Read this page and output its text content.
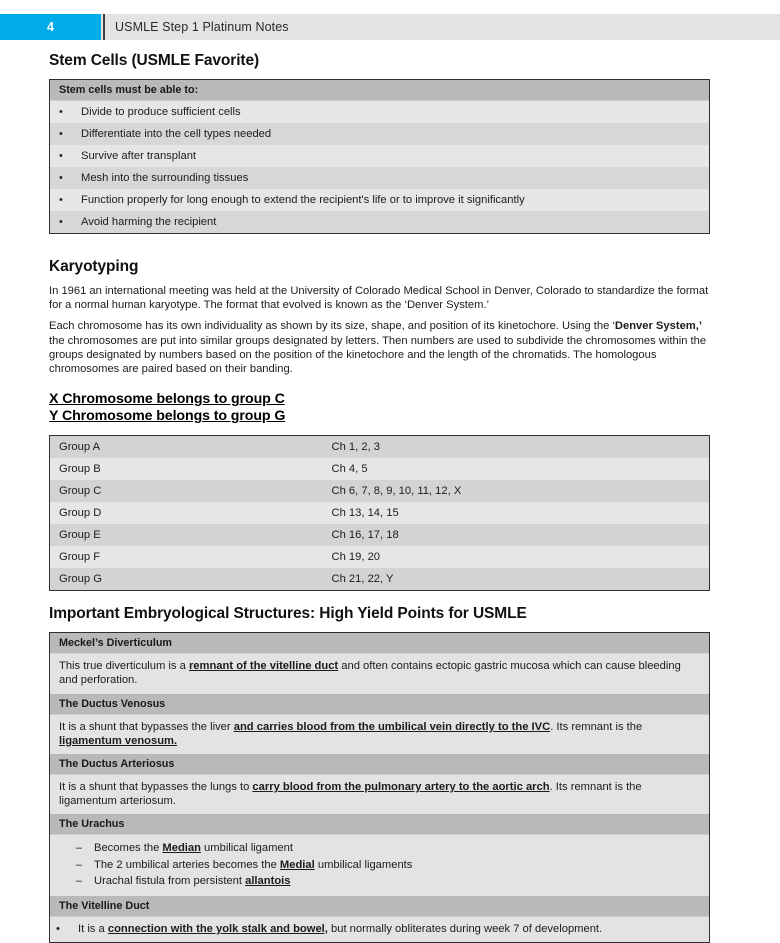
4	USMLE Step 1 Platinum Notes
Stem Cells (USMLE Favorite)
Stem cells must be able to:
•	Divide to produce sufficient cells
•	Differentiate into the cell types needed
•	Survive after transplant
•	Mesh into the surrounding tissues
•	Function properly for long enough to extend the recipient's life or to improve it significantly
•	Avoid harming the recipient
Karyotyping

In 1961 an international meeting was held at the University of Colorado Medical School in Denver, Colorado to standardize the format for a normal human karyotype. The format that evolved is known as the ‘Denver System.’

Each chromosome has its own individuality as shown by its size, shape, and position of its kinetochore. Using the ‘Denver System,’ the chromosomes are put into similar groups designated by letters. Then numbers are used to subdivide the chromosomes within the groups designated by numbers based on the position of the kinetochore and the length of the chromatids. The homologous chromosomes are paired based on their banding.

X Chromosome belongs to group C
Y Chromosome belongs to group G
Group A	Ch 1, 2, 3
Group B	Ch 4, 5
Group C	Ch 6, 7, 8, 9, 10, 11, 12, X
Group D	Ch 13, 14, 15
Group E	Ch 16, 17, 18
Group F	Ch 19, 20
Group G	Ch 21, 22, Y
Important Embryological Structures: High Yield Points for USMLE
Meckel’s Diverticulum
This true diverticulum is a remnant of the vitelline duct and often contains ectopic gastric mucosa which can cause bleeding and perforation.
The Ductus Venosus
It is a shunt that bypasses the liver and carries blood from the umbilical vein directly to the IVC. Its remnant is the ligamentum venosum.
The Ductus Arteriosus
It is a shunt that bypasses the lungs to carry blood from the pulmonary artery to the aortic arch. Its remnant is the ligamentum arteriosum.
The Urachus
–	Becomes the Median umbilical ligament
–	The 2 umbilical arteries becomes the Medial umbilical ligaments
–	Urachal fistula from persistent allantois
The Vitelline Duct
•	It is a connection with the yolk stalk and bowel, but normally obliterates during week 7 of development.
